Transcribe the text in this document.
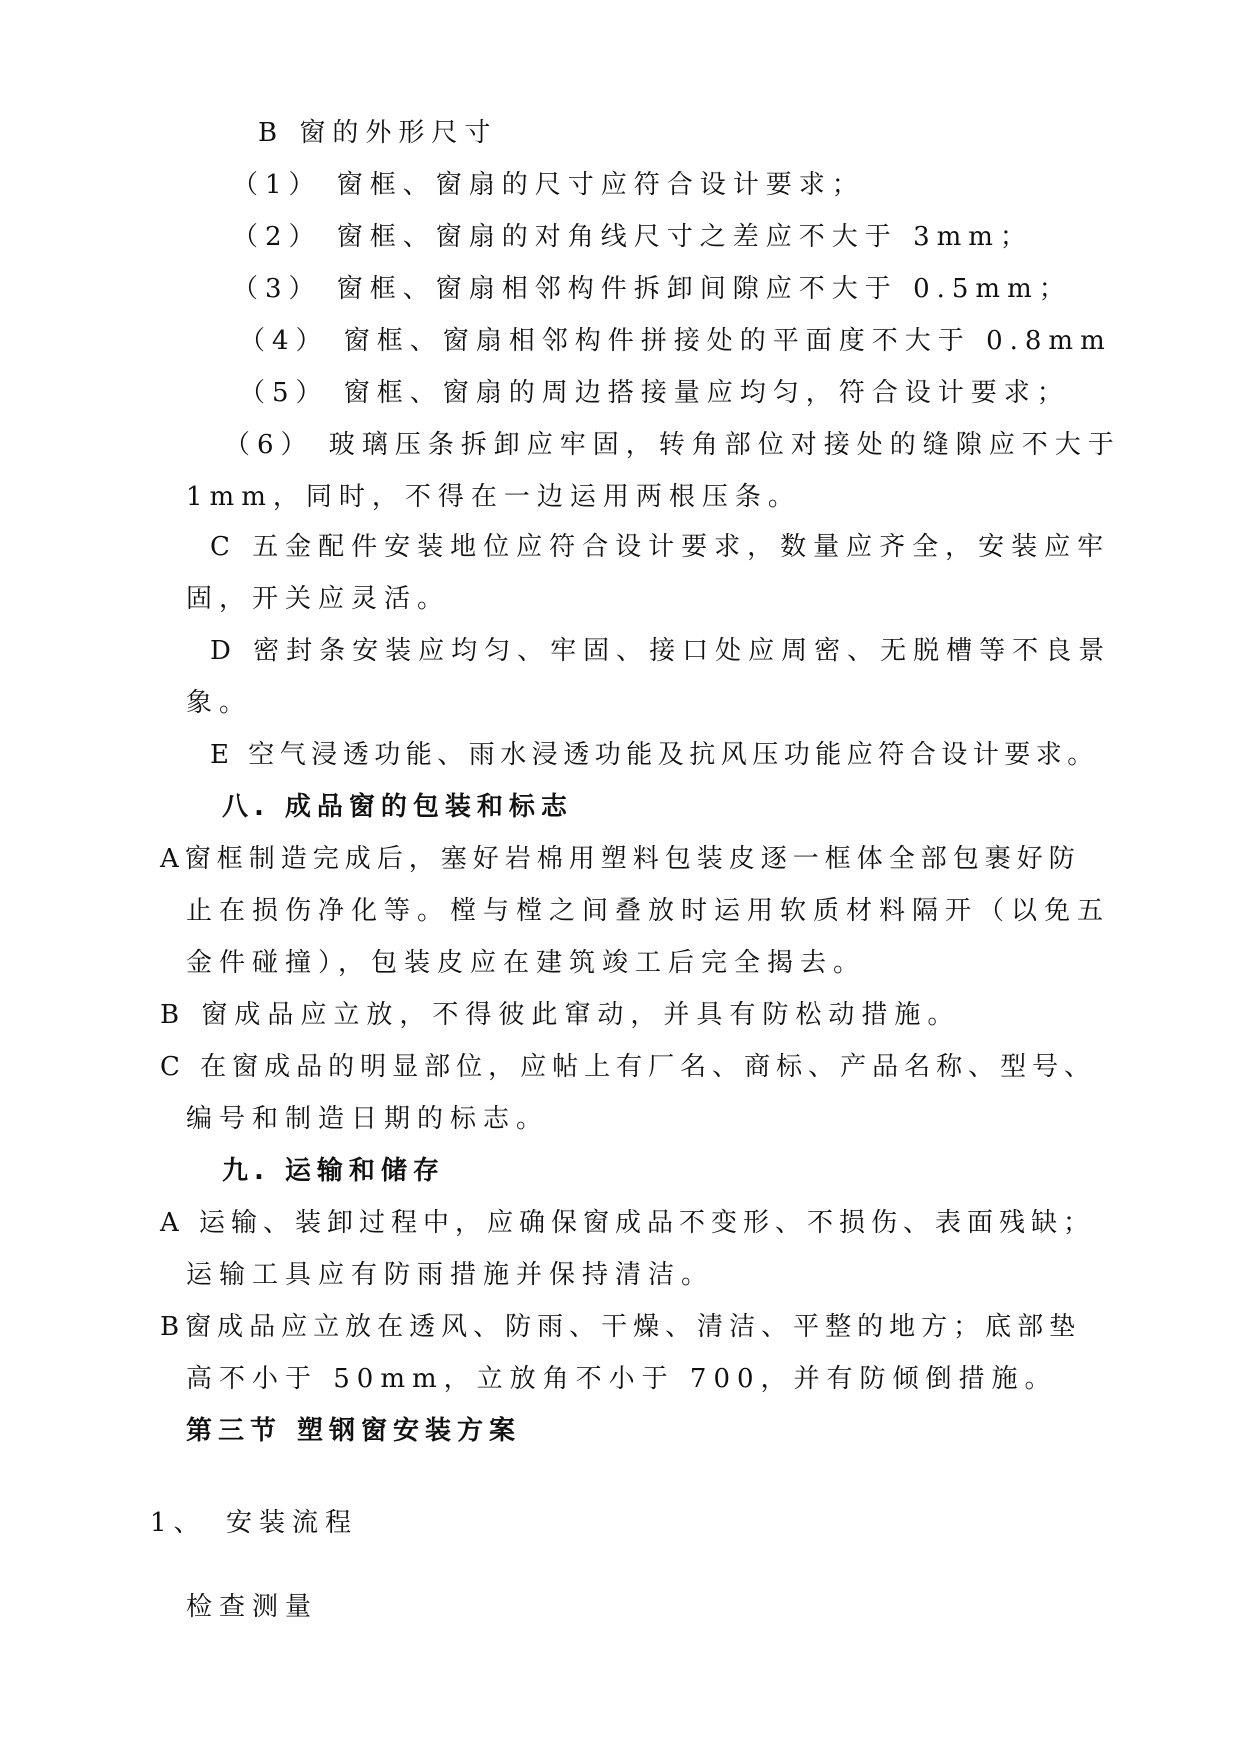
B 窗的外形尺寸

（1） 窗框、窗扇的尺寸应符合设计要求；

（2） 窗框、窗扇的对角线尺寸之差应不大于 3mm；

（3） 窗框、窗扇相邻构件拆卸间隙应不大于 0.5mm；

（4） 窗框、窗扇相邻构件拼接处的平面度不大于 0.8mm

（5） 窗框、窗扇的周边搭接量应均匀，符合设计要求；

（6） 玻璃压条拆卸应牢固，转角部位对接处的缝隙应不大于

1mm，同时，不得在一边运用两根压条。

C 五金配件安装地位应符合设计要求，数量应齐全，安装应牢

固，开关应灵活。

D 密封条安装应均匀、牢固、接口处应周密、无脱槽等不良景

象。

E 空气浸透功能、雨水浸透功能及抗风压功能应符合设计要求。

八. 成品窗的包装和标志

A窗框制造完成后，塞好岩棉用塑料包装皮逐一框体全部包裹好防

止在损伤净化等。樘与樘之间叠放时运用软质材料隔开（以免五

金件碰撞），包装皮应在建筑竣工后完全揭去。

B 窗成品应立放，不得彼此窜动，并具有防松动措施。

C 在窗成品的明显部位，应帖上有厂名、商标、产品名称、型号、

编号和制造日期的标志。

九. 运输和储存

A 运输、装卸过程中，应确保窗成品不变形、不损伤、表面残缺；

运输工具应有防雨措施并保持清洁。

B窗成品应立放在透风、防雨、干燥、清洁、平整的地方；底部垫

高不小于 50mm，立放角不小于 700，并有防倾倒措施。

第三节 塑钢窗安装方案

1、 安装流程

检查测量
